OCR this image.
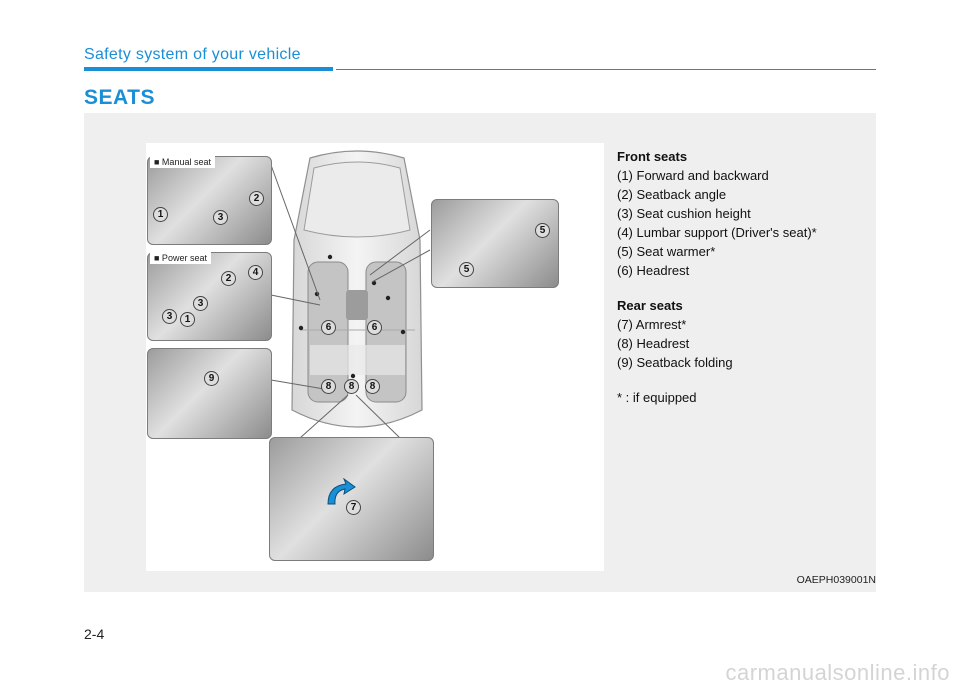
Safety system of your vehicle
SEATS
■ Manual seat
1
2
3
■ Power seat
1
2
3
3
4
9
5
5
7
6	6
8	8	8
Front seats
(1) Forward and backward
(2) Seatback angle
(3) Seat cushion height
(4) Lumbar support (Driver's seat)*
(5) Seat warmer*
(6) Headrest
Rear seats
(7) Armrest*
(8) Headrest
(9) Seatback folding
* : if equipped
OAEPH039001N
2-4
carmanualsonline.info
